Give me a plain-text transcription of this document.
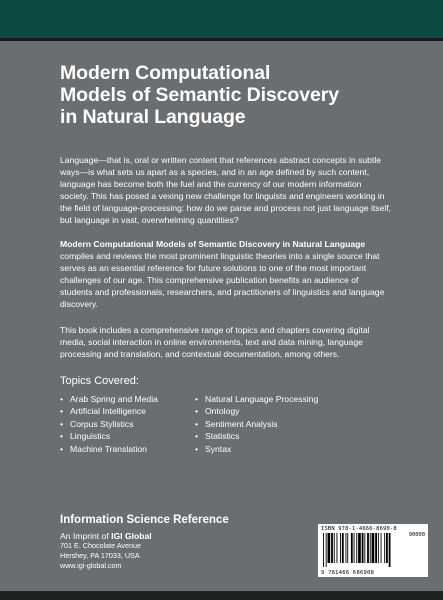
Modern Computational
Models of Semantic Discovery
in Natural Language

Language—that is, oral or written content that references abstract concepts in subtle ways—is what sets us apart as a species, and in an age defined by such content, language has become both the fuel and the currency of our modern information society. This has posed a vexing new challenge for linguists and engineers working in the field of language-processing: how do we parse and process not just language itself, but language in vast, overwhelming quantities?

Modern Computational Models of Semantic Discovery in Natural Language compiles and reviews the most prominent linguistic theories into a single source that serves as an essential reference for future solutions to one of the most important challenges of our age. This comprehensive publication benefits an audience of students and professionals, researchers, and practitioners of linguistics and language discovery.

This book includes a comprehensive range of topics and chapters covering digital media, social interaction in online environments, text and data mining, language processing and translation, and contextual documentation, among others.

Topics Covered:
• Arab Spring and Media
• Artificial Intelligence
• Corpus Stylistics
• Linguistics
• Machine Translation
• Natural Language Processing
• Ontology
• Sentiment Analysis
• Statistics
• Syntax

Information Science Reference

An Imprint of IGI Global
701 E. Chocolate Avenue
Hershey, PA 17033, USA
www.igi-global.com
ISBN 978-1-4666-8690-8
90000
9 781466 686908
